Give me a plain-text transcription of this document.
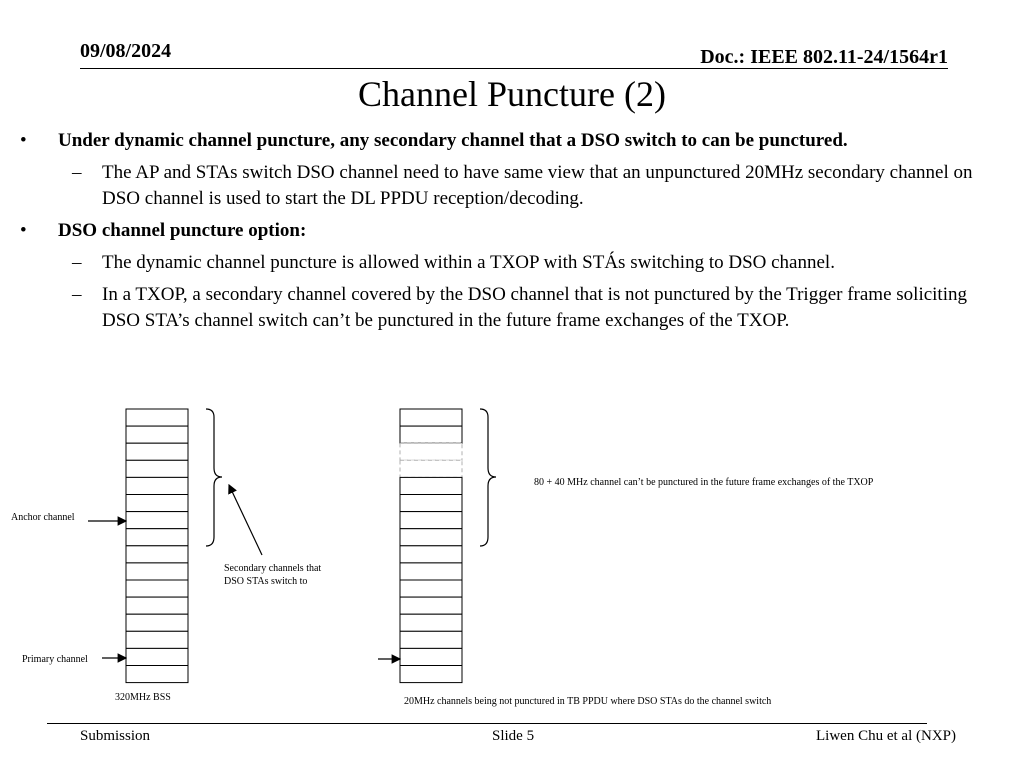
09/08/2024	Doc.: IEEE 802.11-24/1564r1
Channel Puncture (2)
• Under dynamic channel puncture, any secondary channel that a DSO switch to can be punctured.
– The AP and STAs switch DSO channel need to have same view that an unpunctured 20MHz secondary channel on DSO channel is used to start the DL PPDU reception/decoding.
• DSO channel puncture option:
– The dynamic channel puncture is allowed within a TXOP with STÁs switching to DSO channel.
– In a TXOP, a secondary channel covered by the DSO channel that is not punctured by the Trigger frame soliciting DSO STA’s channel switch can’t be punctured in the future frame exchanges of the TXOP.
Anchor channel
Primary channel
Secondary channels that
DSO STAs switch to
320MHz BSS	20MHz channels being not punctured in TB PPDU where DSO STAs do the channel switch
80 + 40 MHz channel can’t be punctured in the future frame exchanges of the TXOP
Submission	Slide 5	Liwen Chu et al (NXP)
